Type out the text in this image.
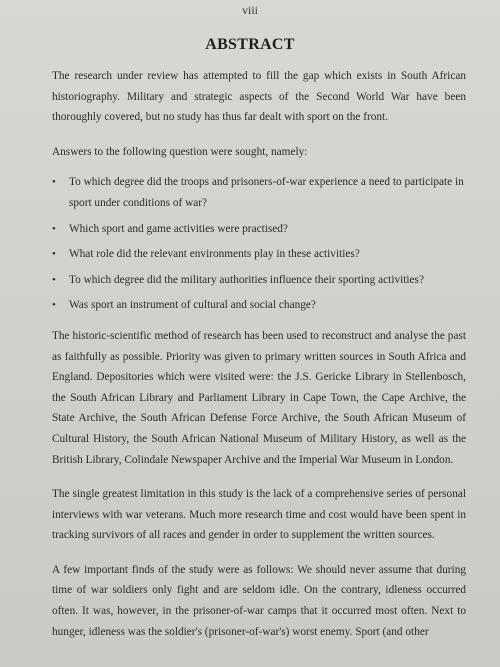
viii
ABSTRACT

The research under review has attempted to fill the gap which exists in South African historiography. Military and strategic aspects of the Second World War have been thoroughly covered, but no study has thus far dealt with sport on the front.

Answers to the following question were sought, namely:

• To which degree did the troops and prisoners-of-war experience a need to participate in sport under conditions of war?
• Which sport and game activities were practised?
• What role did the relevant environments play in these activities?
• To which degree did the military authorities influence their sporting activities?
• Was sport an instrument of cultural and social change?

The historic-scientific method of research has been used to reconstruct and analyse the past as faithfully as possible. Priority was given to primary written sources in South Africa and England. Depositories which were visited were: the J.S. Gericke Library in Stellenbosch, the South African Library and Parliament Library in Cape Town, the Cape Archive, the State Archive, the South African Defense Force Archive, the South African Museum of Cultural History, the South African National Museum of Military History, as well as the British Library, Colindale Newspaper Archive and the Imperial War Museum in London.

The single greatest limitation in this study is the lack of a comprehensive series of personal interviews with war veterans. Much more research time and cost would have been spent in tracking survivors of all races and gender in order to supplement the written sources.

A few important finds of the study were as follows: We should never assume that during time of war soldiers only fight and are seldom idle. On the contrary, idleness occurred often. It was, however, in the prisoner-of-war camps that it occurred most often. Next to hunger, idleness was the soldier's (prisoner-of-war's) worst enemy. Sport (and other
